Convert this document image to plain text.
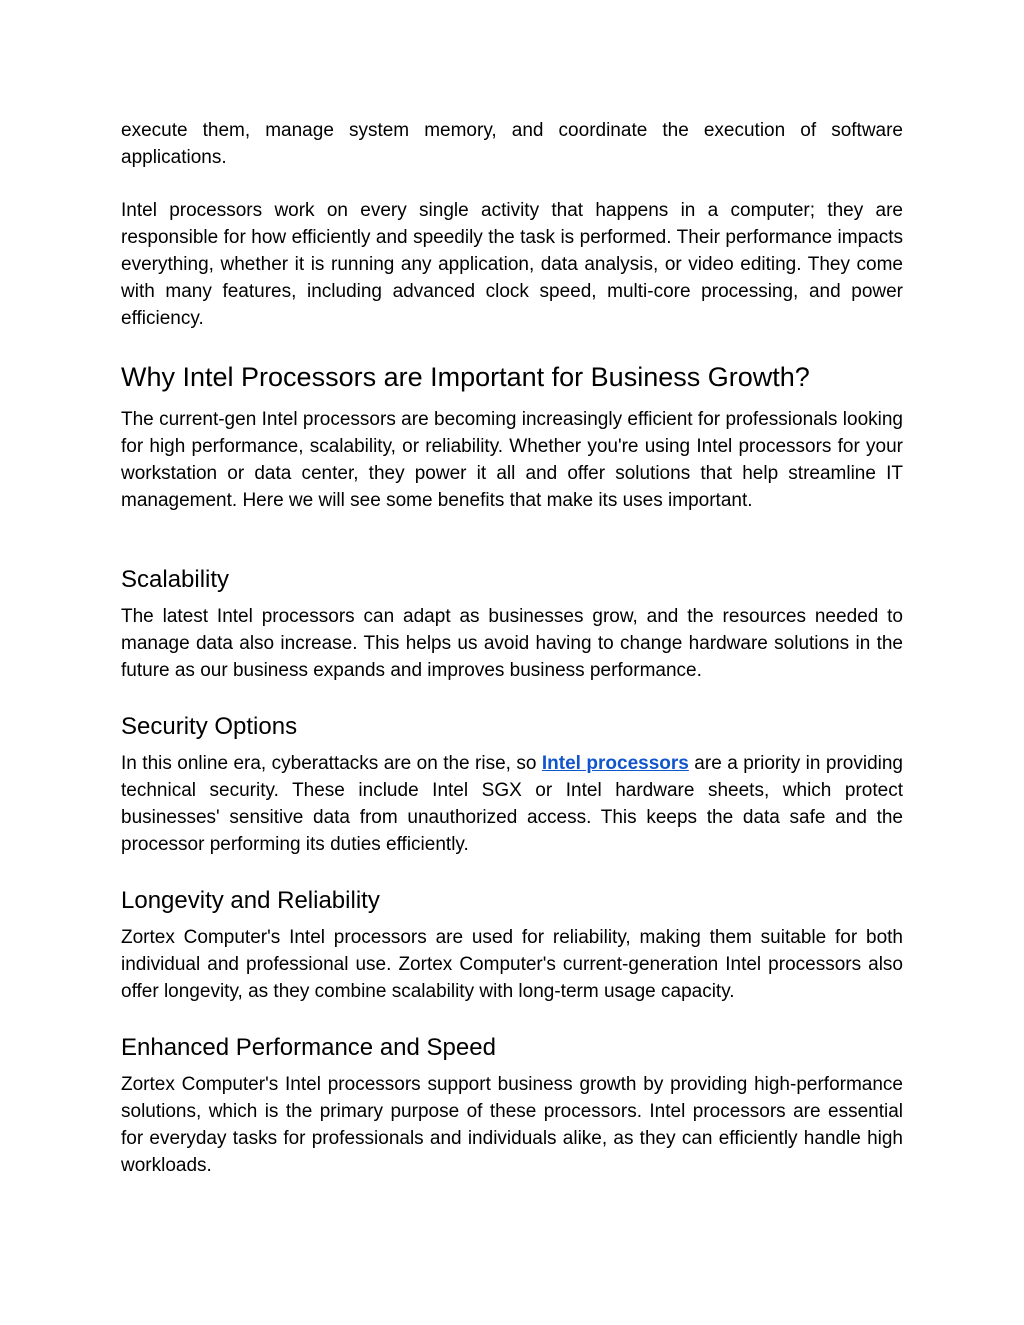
execute them, manage system memory, and coordinate the execution of software applications.

Intel processors work on every single activity that happens in a computer; they are responsible for how efficiently and speedily the task is performed. Their performance impacts everything, whether it is running any application, data analysis, or video editing. They come with many features, including advanced clock speed, multi-core processing, and power efficiency.

Why Intel Processors are Important for Business Growth?

The current-gen Intel processors are becoming increasingly efficient for professionals looking for high performance, scalability, or reliability. Whether you're using Intel processors for your workstation or data center, they power it all and offer solutions that help streamline IT management. Here we will see some benefits that make its uses important.

Scalability

The latest Intel processors can adapt as businesses grow, and the resources needed to manage data also increase. This helps us avoid having to change hardware solutions in the future as our business expands and improves business performance.

Security Options

In this online era, cyberattacks are on the rise, so Intel processors are a priority in providing technical security. These include Intel SGX or Intel hardware sheets, which protect businesses' sensitive data from unauthorized access. This keeps the data safe and the processor performing its duties efficiently.

Longevity and Reliability

Zortex Computer's Intel processors are used for reliability, making them suitable for both individual and professional use. Zortex Computer's current-generation Intel processors also offer longevity, as they combine scalability with long-term usage capacity.

Enhanced Performance and Speed

Zortex Computer's Intel processors support business growth by providing high-performance solutions, which is the primary purpose of these processors. Intel processors are essential for everyday tasks for professionals and individuals alike, as they can efficiently handle high workloads.
